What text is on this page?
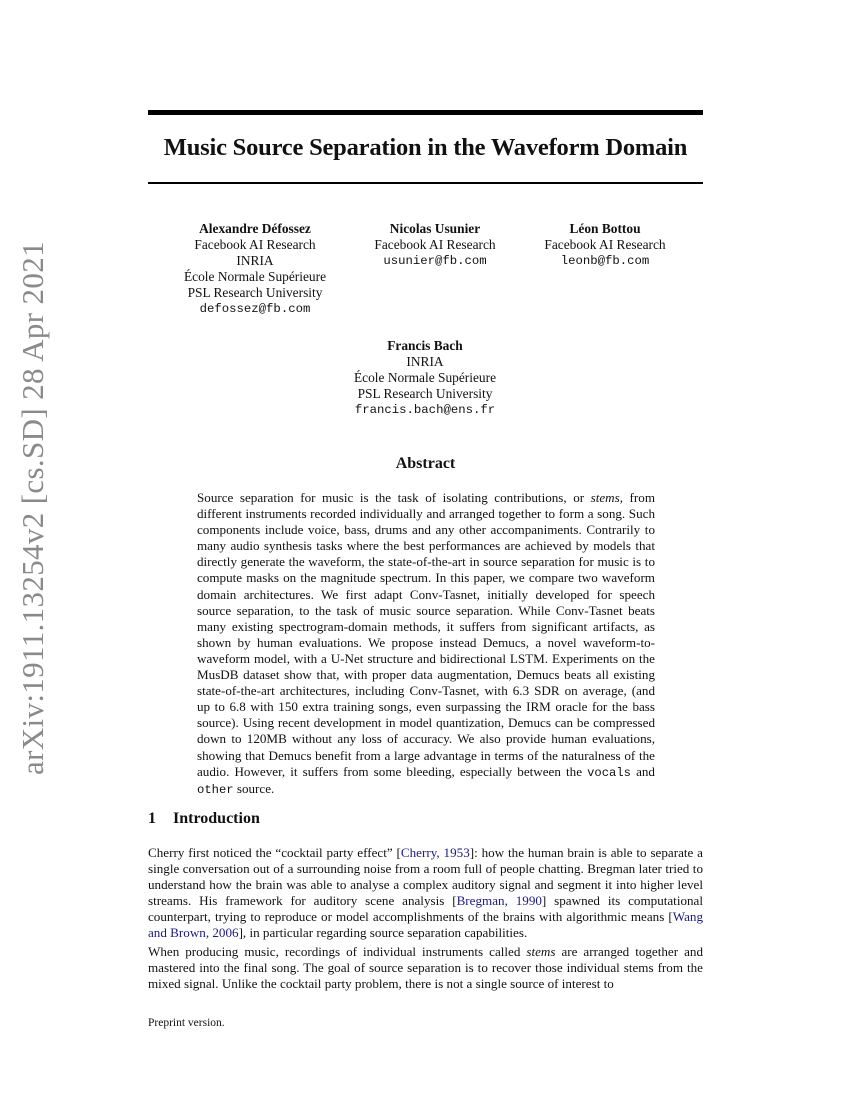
arXiv:1911.13254v2 [cs.SD] 28 Apr 2021
Music Source Separation in the Waveform Domain
Alexandre Défossez
Facebook AI Research
INRIA
École Normale Supérieure
PSL Research University
defossez@fb.com
Nicolas Usunier
Facebook AI Research
usunier@fb.com
Léon Bottou
Facebook AI Research
leonb@fb.com
Francis Bach
INRIA
École Normale Supérieure
PSL Research University
francis.bach@ens.fr
Abstract

Source separation for music is the task of isolating contributions, or stems, from different instruments recorded individually and arranged together to form a song. Such components include voice, bass, drums and any other accompaniments. Contrarily to many audio synthesis tasks where the best performances are achieved by models that directly generate the waveform, the state-of-the-art in source separation for music is to compute masks on the magnitude spectrum. In this paper, we compare two waveform domain architectures. We first adapt Conv-Tasnet, initially developed for speech source separation, to the task of music source separation. While Conv-Tasnet beats many existing spectrogram-domain methods, it suffers from significant artifacts, as shown by human evaluations. We propose instead Demucs, a novel waveform-to-waveform model, with a U-Net structure and bidirectional LSTM. Experiments on the MusDB dataset show that, with proper data augmentation, Demucs beats all existing state-of-the-art architectures, including Conv-Tasnet, with 6.3 SDR on average, (and up to 6.8 with 150 extra training songs, even surpassing the IRM oracle for the bass source). Using recent development in model quantization, Demucs can be compressed down to 120MB without any loss of accuracy. We also provide human evaluations, showing that Demucs benefit from a large advantage in terms of the naturalness of the audio. However, it suffers from some bleeding, especially between the vocals and other source.

1 Introduction

Cherry first noticed the “cocktail party effect” [Cherry, 1953]: how the human brain is able to separate a single conversation out of a surrounding noise from a room full of people chatting. Bregman later tried to understand how the brain was able to analyse a complex auditory signal and segment it into higher level streams. His framework for auditory scene analysis [Bregman, 1990] spawned its computational counterpart, trying to reproduce or model accomplishments of the brains with algorithmic means [Wang and Brown, 2006], in particular regarding source separation capabilities.

When producing music, recordings of individual instruments called stems are arranged together and mastered into the final song. The goal of source separation is to recover those individual stems from the mixed signal. Unlike the cocktail party problem, there is not a single source of interest to

Preprint version.
